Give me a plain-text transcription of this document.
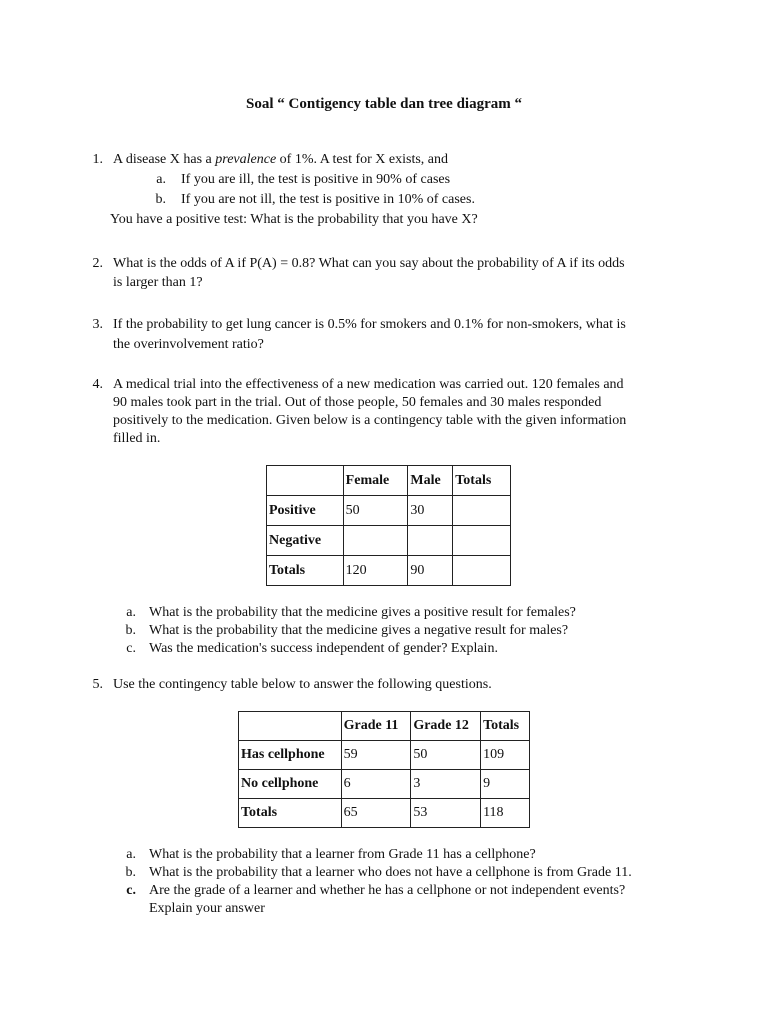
Soal “ Contigency table dan tree diagram “
1. A disease X has a prevalence of 1%. A test for X exists, and
a. If you are ill, the test is positive in 90% of cases
b. If you are not ill, the test is positive in 10% of cases.
You have a positive test: What is the probability that you have X?
2. What is the odds of A if P(A) = 0.8? What can you say about the probability of A if its odds
is larger than 1?
3. If the probability to get lung cancer is 0.5% for smokers and 0.1% for non-smokers, what is
the overinvolvement ratio?
4. A medical trial into the effectiveness of a new medication was carried out. 120 females and
90 males took part in the trial. Out of those people, 50 females and 30 males responded
positively to the medication. Given below is a contingency table with the given information
filled in.
	Female	Male	Totals
Positive	50	30	
Negative			
Totals	120	90	
a. What is the probability that the medicine gives a positive result for females?
b. What is the probability that the medicine gives a negative result for males?
c. Was the medication's success independent of gender? Explain.
5. Use the contingency table below to answer the following questions.
	Grade 11	Grade 12	Totals
Has cellphone	59	50	109
No cellphone	6	3	9
Totals	65	53	118
a. What is the probability that a learner from Grade 11 has a cellphone?
b. What is the probability that a learner who does not have a cellphone is from Grade 11.
c. Are the grade of a learner and whether he has a cellphone or not independent events?
Explain your answer
